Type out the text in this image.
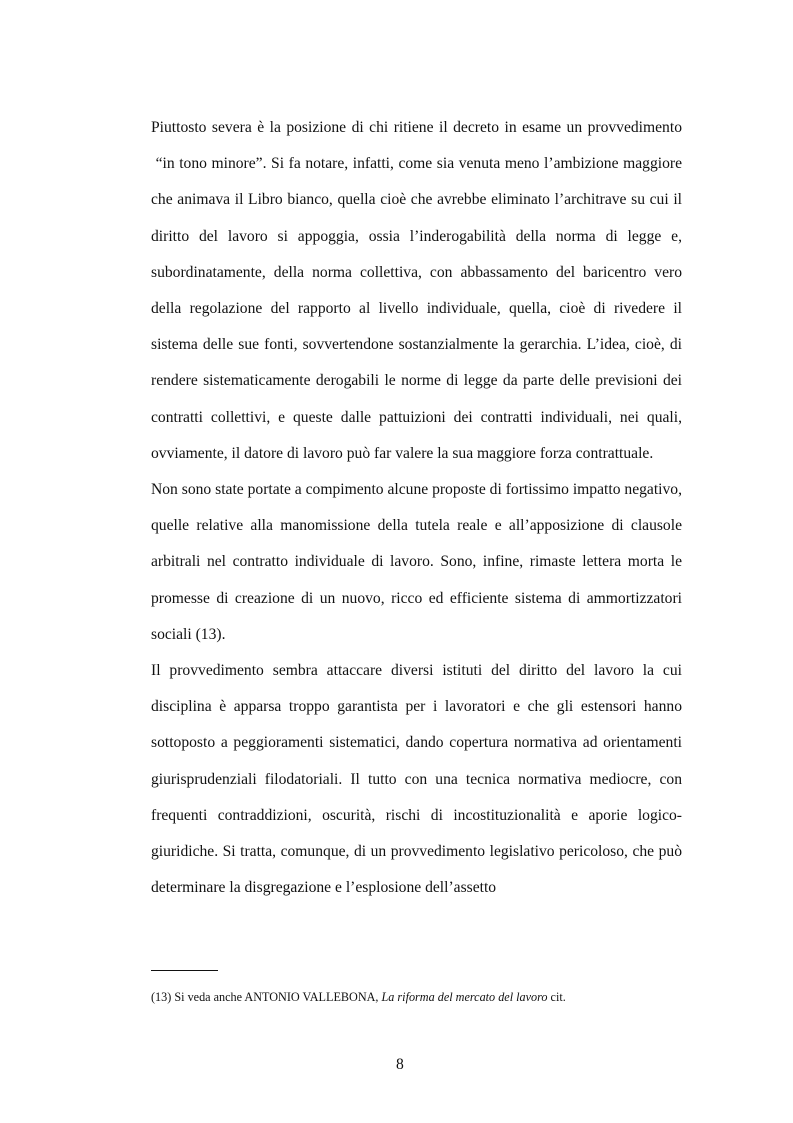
Piuttosto severa è la posizione di chi ritiene il decreto in esame un provvedimento  “in tono minore”. Si fa notare, infatti, come sia venuta meno l’ambizione maggiore che animava il Libro bianco, quella cioè che avrebbe eliminato l’architrave su cui il diritto del lavoro si appoggia, ossia l’inderogabilità della norma di legge e, subordinatamente, della norma collettiva, con abbassamento del baricentro vero della regolazione del rapporto al livello individuale, quella, cioè di rivedere il sistema delle sue fonti, sovvertendone sostanzialmente la gerarchia. L’idea, cioè, di rendere sistematicamente derogabili le norme di legge da parte delle previsioni dei contratti collettivi, e queste dalle pattuizioni dei contratti individuali, nei quali, ovviamente, il datore di lavoro può far valere la sua maggiore forza contrattuale.

Non sono state portate a compimento alcune proposte di fortissimo impatto negativo, quelle relative alla manomissione della tutela reale e all’apposizione di clausole arbitrali nel contratto individuale di lavoro. Sono, infine, rimaste lettera morta le promesse di creazione di un nuovo, ricco ed efficiente sistema di ammortizzatori sociali (13).

Il provvedimento sembra attaccare diversi istituti del diritto del lavoro la cui disciplina è apparsa troppo garantista per i lavoratori e che gli estensori hanno sottoposto a peggioramenti sistematici, dando copertura normativa ad orientamenti giurisprudenziali filodatoriali. Il tutto con una tecnica normativa mediocre, con frequenti contraddizioni, oscurità, rischi di incostituzionalità e aporie logico-giuridiche. Si tratta, comunque, di un provvedimento legislativo pericoloso, che può determinare la disgregazione e l’esplosione dell’assetto

(13) Si veda anche ANTONIO VALLEBONA, La riforma del mercato del lavoro cit.
8
